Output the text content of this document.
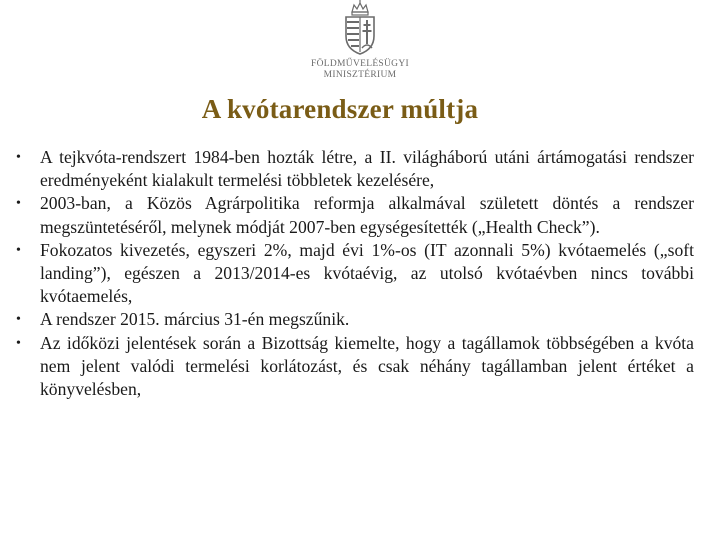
FÖLDMŰVELÉSÜGYI
MINISZTÉRIUM
A kvótarendszer múltja
• A tejkvóta-rendszert 1984-ben hozták létre, a II. világháború utáni ártámogatási rendszer eredményeként kialakult termelési többletek kezelésére,
• 2003-ban, a Közös Agrárpolitika reformja alkalmával született döntés a rendszer megszüntetéséről, melynek módját 2007-ben egységesítették („Health Check”).
• Fokozatos kivezetés, egyszeri 2%, majd évi 1%-os (IT azonnali 5%) kvótaemelés („soft landing”), egészen a 2013/2014-es kvótaévig, az utolsó kvótaévben nincs további kvótaemelés,
• A rendszer 2015. március 31-én megszűnik.
• Az időközi jelentések során a Bizottság kiemelte, hogy a tagállamok többségében a kvóta nem jelent valódi termelési korlátozást, és csak néhány tagállamban jelent értéket a könyvelésben,
